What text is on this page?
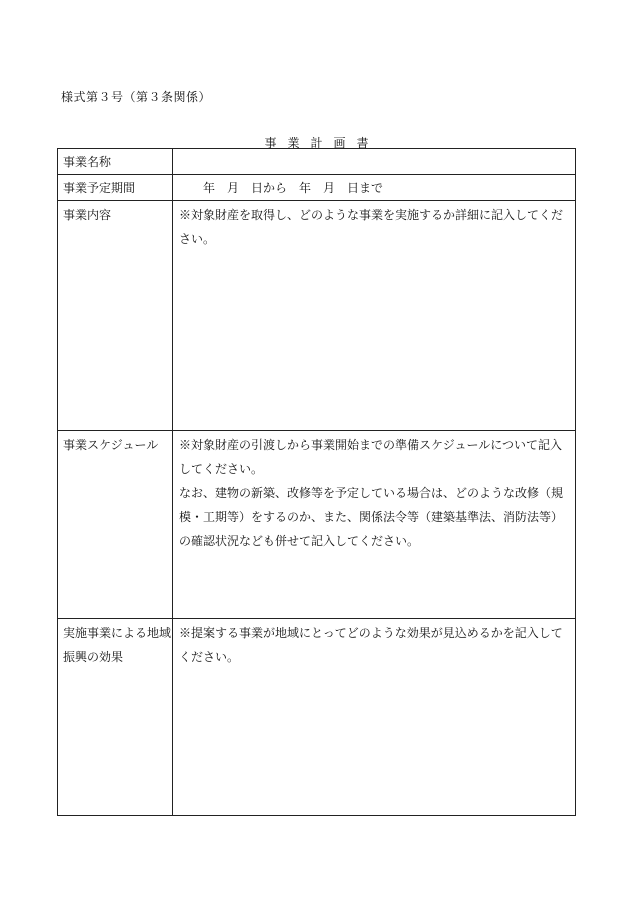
様式第３号（第３条関係）
事業計画書
事業名称	
事業予定期間	年　月　日から　年　月　日まで
事業内容	※対象財産を取得し、どのような事業を実施するか詳細に記入してください。

事業スケジュール	※対象財産の引渡しから事業開始までの準備スケジュールについて記入してください。
なお、建物の新築、改修等を予定している場合は、どのような改修（規模・工期等）をするのか、また、関係法令等（建築基準法、消防法等）の確認状況なども併せて記入してください。

実施事業による地域振興の効果	※提案する事業が地域にとってどのような効果が見込めるかを記入してください。
